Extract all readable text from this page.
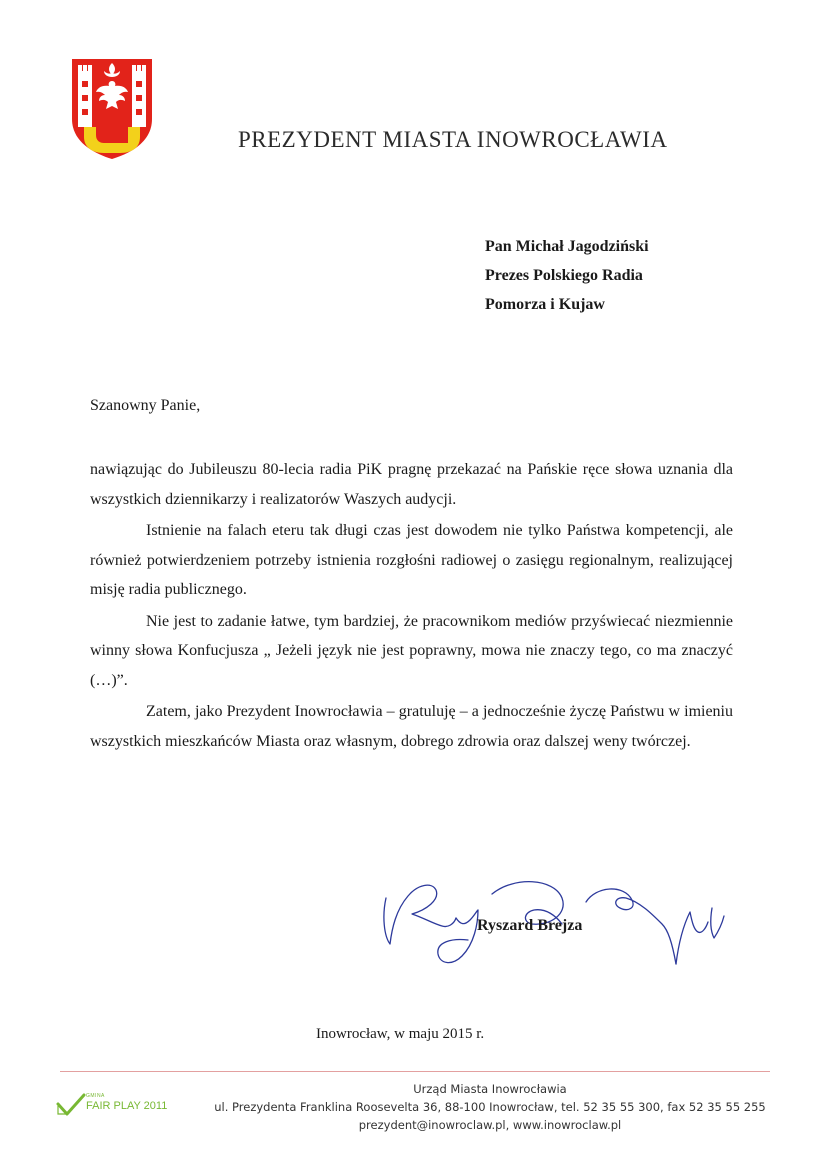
PREZYDENT MIASTA INOWROCŁAWIA
Pan Michał Jagodziński
Prezes Polskiego Radia
Pomorza i Kujaw
Szanowny Panie,

nawiązując do Jubileuszu 80-lecia radia PiK pragnę przekazać na Pańskie ręce słowa uznania dla wszystkich dziennikarzy i realizatorów Waszych audycji.

Istnienie na falach eteru tak długi czas jest dowodem nie tylko Państwa kompetencji, ale również potwierdzeniem potrzeby istnienia rozgłośni radiowej o zasięgu regionalnym, realizującej misję radia publicznego.

Nie jest to zadanie łatwe, tym bardziej, że pracownikom mediów przyświecać niezmiennie winny słowa Konfucjusza „ Jeżeli język nie jest poprawny, mowa nie znaczy tego, co ma znaczyć (…)”.

Zatem, jako Prezydent Inowrocławia – gratuluję – a jednocześnie życzę Państwu w imieniu wszystkich mieszkańców Miasta oraz własnym, dobrego zdrowia oraz dalszej weny twórczej.

Ryszard Brejza
Inowrocław, w maju 2015 r.
GMINA
FAIR PLAY 2011
Urząd Miasta Inowrocławia
ul. Prezydenta Franklina Roosevelta 36, 88-100 Inowrocław, tel. 52 35 55 300, fax 52 35 55 255
prezydent@inowroclaw.pl, www.inowroclaw.pl
